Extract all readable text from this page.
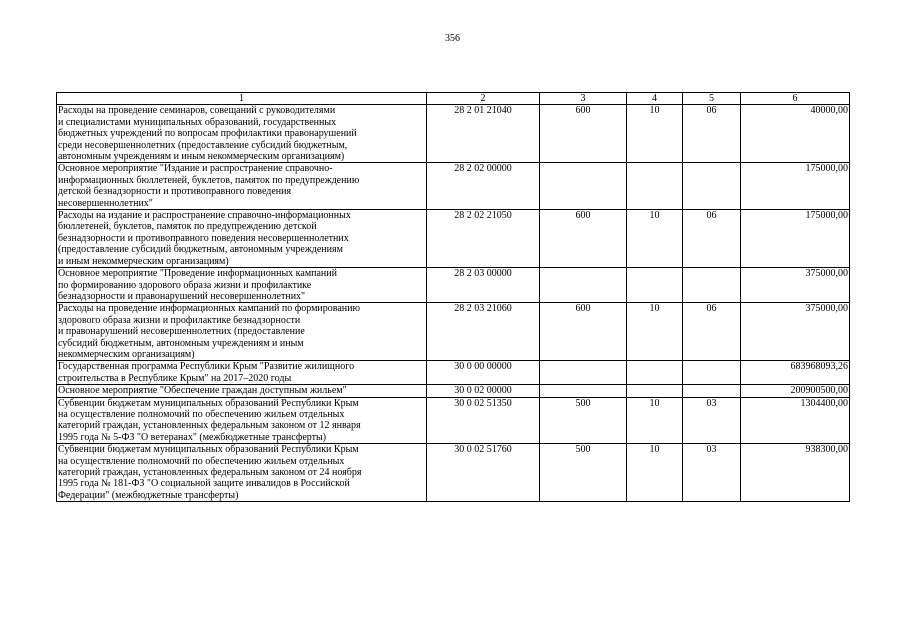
356
1	2	3	4	5	6

Расходы на проведение семинаров, совещаний с руководителями
и специалистами муниципальных образований, государственных
бюджетных учреждений по вопросам профилактики правонарушений
среди несовершеннолетних (предоставление субсидий бюджетным,
автономным учреждениям и иным некоммерческим организациям)	28 2 01 21040	600	10	06	40000,00

Основное мероприятие "Издание и распространение справочно-
информационных бюллетеней, буклетов, памяток по предупреждению
детской безнадзорности и противоправного поведения
несовершеннолетних"	28 2 02 00000				175000,00

Расходы на издание и распространение справочно-информационных
бюллетеней, буклетов, памяток по предупреждению детской
безнадзорности и противоправного поведения несовершеннолетних
(предоставление субсидий бюджетным, автономным учреждениям
и иным некоммерческим организациям)	28 2 02 21050	600	10	06	175000,00

Основное мероприятие "Проведение информационных кампаний
по формированию здорового образа жизни и профилактике
безнадзорности и правонарушений несовершеннолетних"	28 2 03 00000				375000,00

Расходы на проведение информационных кампаний по формированию
здорового образа жизни и профилактике безнадзорности
и правонарушений несовершеннолетних (предоставление
субсидий бюджетным, автономным учреждениям и иным
некоммерческим организациям)	28 2 03 21060	600	10	06	375000,00

Государственная программа Республики Крым "Развитие жилищного
строительства в Республике Крым" на 2017–2020 годы	30 0 00 00000				683968093,26

Основное мероприятие "Обеспечение граждан доступным жильем"	30 0 02 00000				200900500,00

Субвенции бюджетам муниципальных образований Республики Крым
на осуществление полномочий по обеспечению жильем отдельных
категорий граждан, установленных федеральным законом от 12 января
1995 года № 5-ФЗ "О ветеранах" (межбюджетные трансферты)	30 0 02 51350	500	10	03	1304400,00

Субвенции бюджетам муниципальных образований Республики Крым
на осуществление полномочий по обеспечению жильем отдельных
категорий граждан, установленных федеральным законом от 24 ноября
1995 года № 181-ФЗ "О социальной защите инвалидов в Российской
Федерации" (межбюджетные трансферты)	30 0 02 51760	500	10	03	938300,00
